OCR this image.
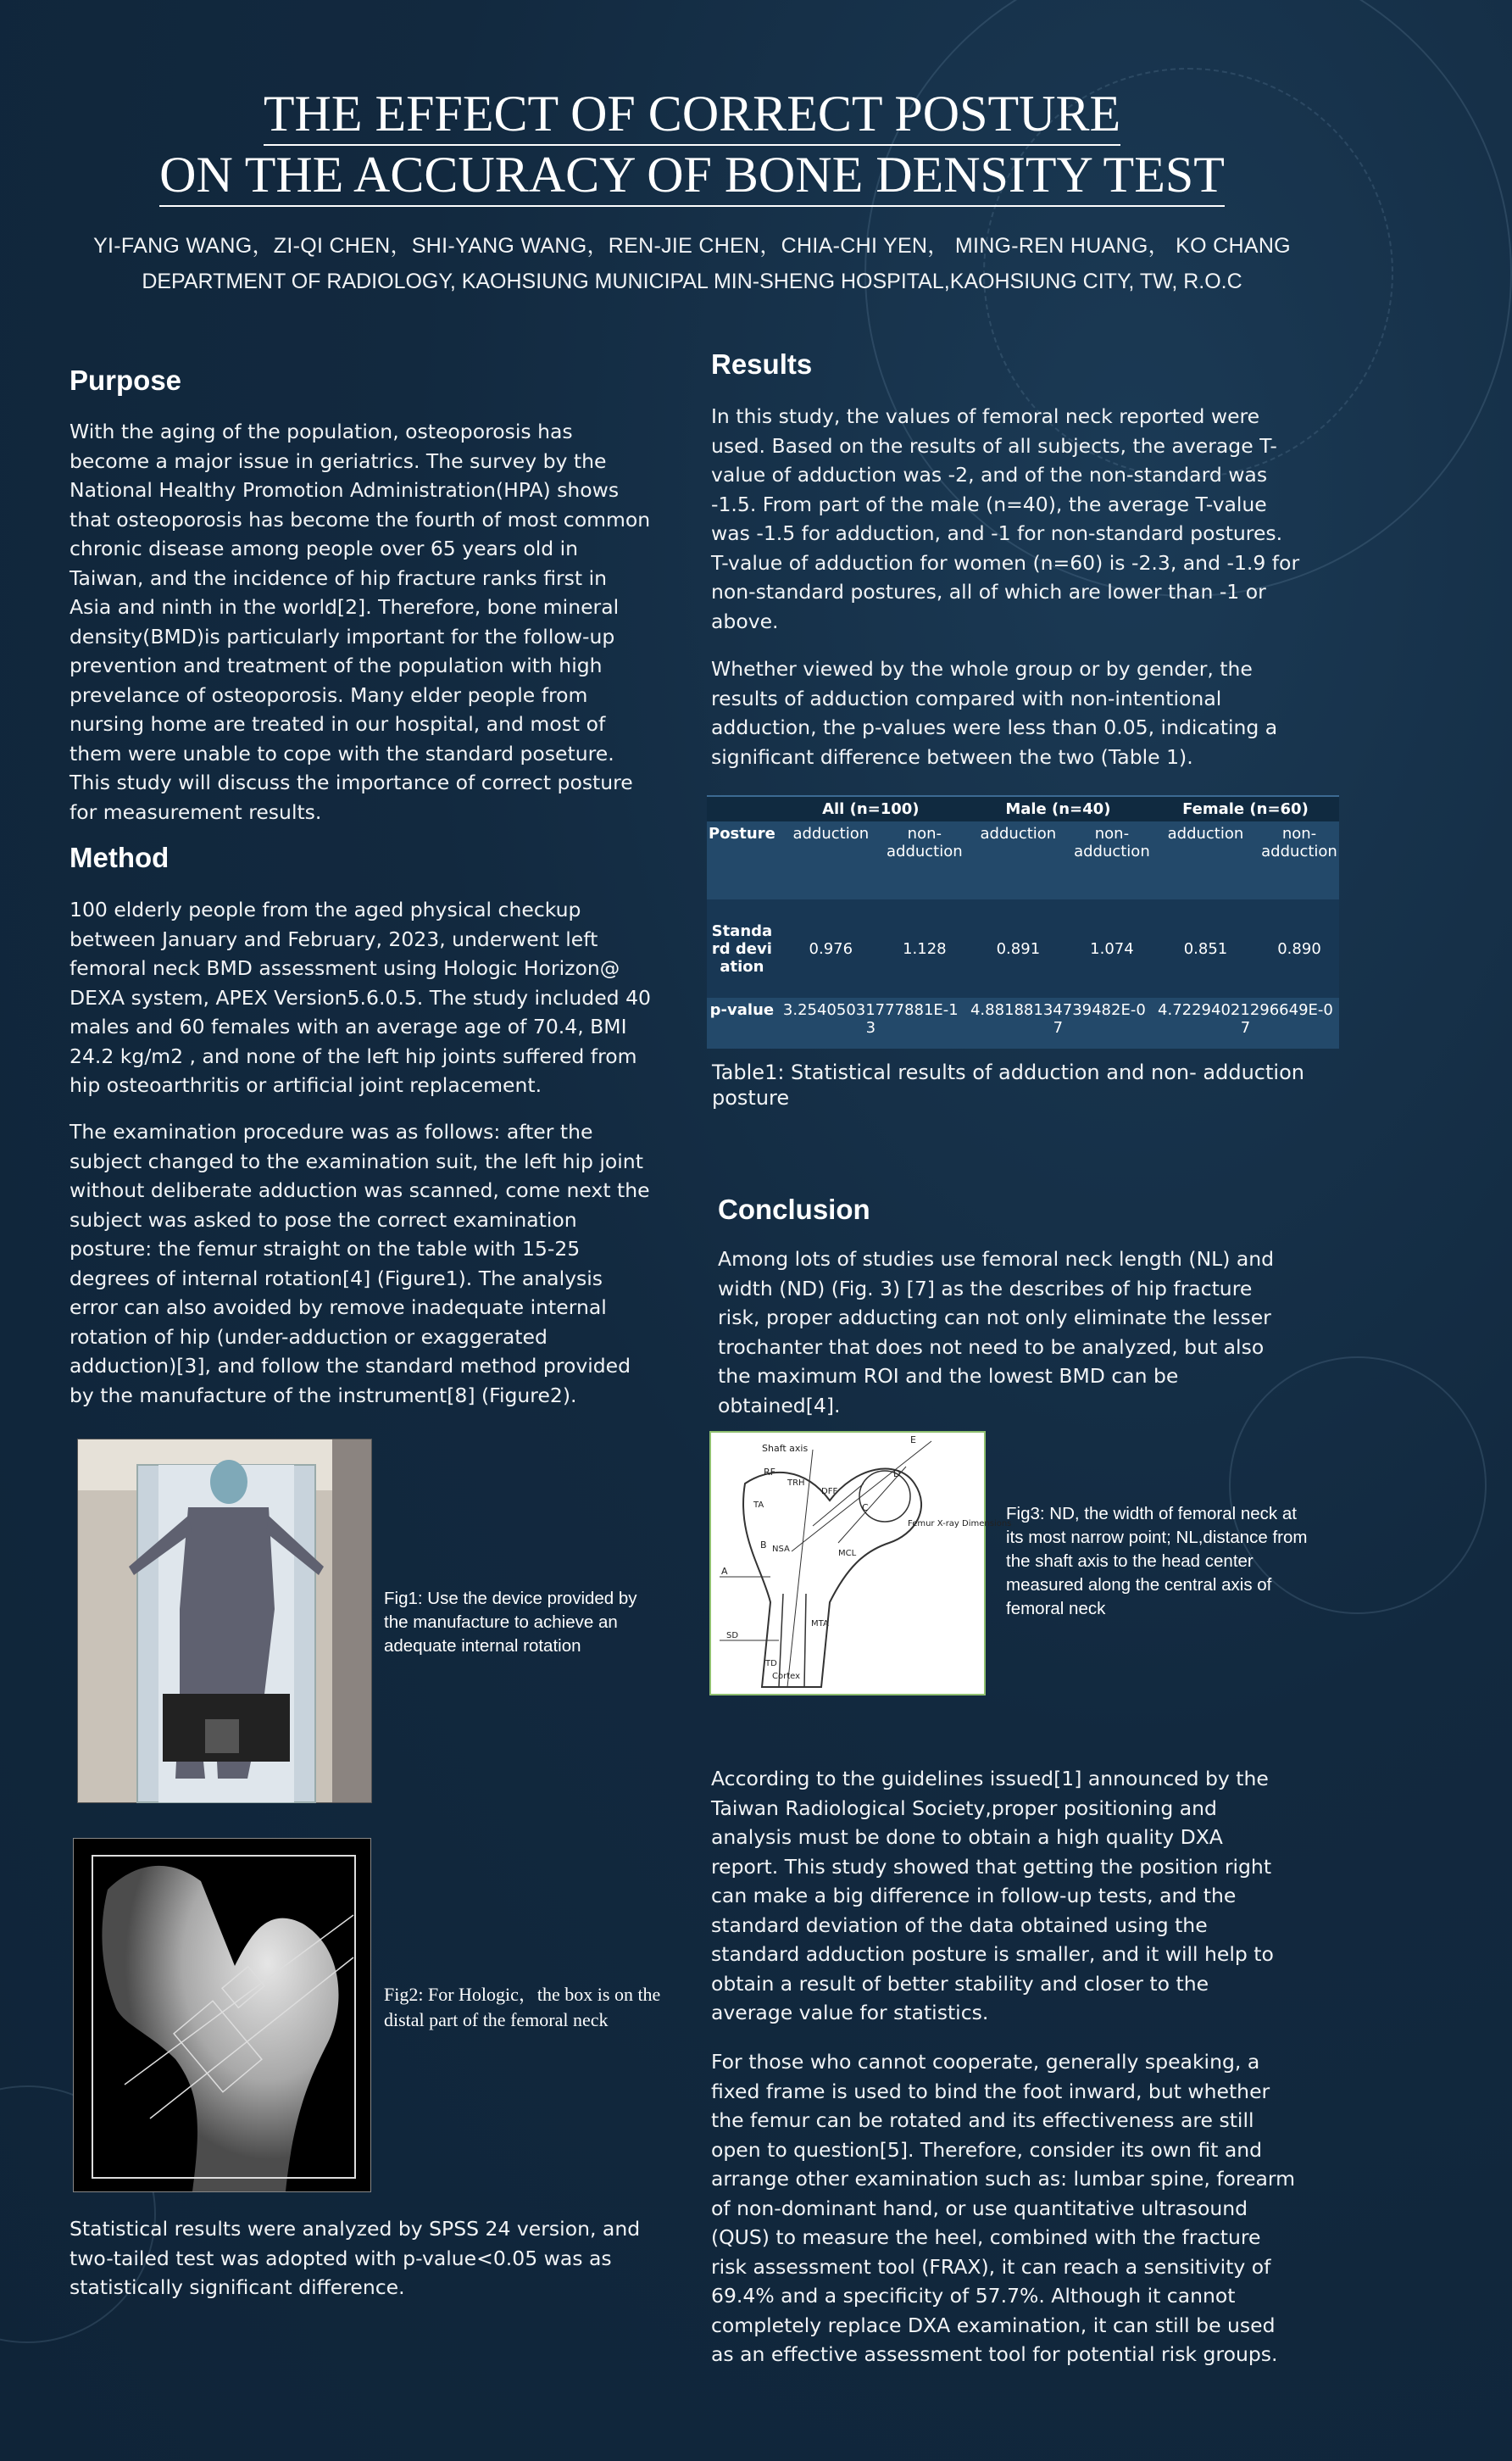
THE EFFECT OF CORRECT POSTURE
ON THE ACCURACY OF BONE DENSITY TEST
YI-FANG WANG，ZI-QI CHEN，SHI-YANG WANG，REN-JIE CHEN，CHIA-CHI YEN， MING-REN HUANG， KO CHANG
DEPARTMENT OF RADIOLOGY, KAOHSIUNG MUNICIPAL MIN-SHENG HOSPITAL,KAOHSIUNG CITY, TW, R.O.C
Purpose

With the aging of the population, osteoporosis has become a major issue in geriatrics. The survey by the National Healthy Promotion Administration(HPA) shows that osteoporosis has become the fourth of most common chronic disease among people over 65 years old in Taiwan, and the incidence of hip fracture ranks first in Asia and ninth in the world[2]. Therefore, bone mineral density(BMD)is particularly important for the follow-up prevention and treatment of the population with high prevelance of osteoporosis. Many elder people from nursing home are treated in our hospital, and most of them were unable to cope with the standard poseture. This study will discuss the importance of correct posture for measurement results.

Method

100 elderly people from the aged physical checkup between January and February, 2023, underwent left femoral neck BMD assessment using Hologic Horizon@ DEXA system, APEX Version5.6.0.5. The study included 40 males and 60 females with an average age of 70.4, BMI 24.2 kg/m2 , and none of the left hip joints suffered from hip osteoarthritis or artificial joint replacement.

The examination procedure was as follows: after the subject changed to the examination suit, the left hip joint without deliberate adduction was scanned, come next the subject was asked to pose the correct examination posture: the femur straight on the table with 15-25 degrees of internal rotation[4] (Figure1). The analysis error can also avoided by remove inadequate internal rotation of hip (under-adduction or exaggerated adduction)[3], and follow the standard method provided by the manufacture of the instrument[8] (Figure2).

Fig1: Use the device provided by the manufacture to achieve an adequate internal rotation
Fig2: For Hologic，the box is on the distal part of the femoral neck

Statistical results were analyzed by SPSS 24 version, and two-tailed test was adopted with p-value<0.05 was as statistically significant difference.

Results

In this study, the values of femoral neck reported were used. Based on the results of all subjects, the average T-value of adduction was -2, and of the non-standard was -1.5. From part of the male (n=40), the average T-value was -1.5 for adduction, and -1 for non-standard postures. T-value of adduction for women (n=60) is -2.3, and -1.9 for non-standard postures, all of which are lower than -1 or above.

Whether viewed by the whole group or by gender, the results of adduction compared with non-intentional adduction, the p-values were less than 0.05, indicating a significant difference between the two (Table 1).

	All (n=100)		Male (n=40)		Female (n=60)	
Posture	adduction	non-adduction	adduction	non-adduction	adduction	non-adduction
Standard deviation	0.976	1.128	0.891	1.074	0.851	0.890
p-value	3.25405031777881E-13		4.88188134739482E-07		4.72294021296649E-07	
Table1: Statistical results of adduction and non- adduction posture
Conclusion

Among lots of studies use femoral neck length (NL) and width (ND) (Fig. 3) [7] as the describes of hip fracture risk, proper adducting can not only eliminate the lesser trochanter that does not need to be analyzed, but also the maximum ROI and the lowest BMD can be obtained[4].

Shaft axis
RF
TRH
DFF
TA
Femur X-ray Dimensions
MCL
MTA
Cortex
SD
E
D
A
B
C
NSA
TD
Fig3: ND, the width of femoral neck at its most narrow point; NL,distance from the shaft axis to the head center measured along the central axis of femoral neck

According to the guidelines issued[1] announced by the Taiwan Radiological Society,proper positioning and analysis must be done to obtain a high quality DXA report. This study showed that getting the position right can make a big difference in follow-up tests, and the standard deviation of the data obtained using the standard adduction posture is smaller, and it will help to obtain a result of better stability and closer to the average value for statistics.

For those who cannot cooperate, generally speaking, a fixed frame is used to bind the foot inward, but whether the femur can be rotated and its effectiveness are still open to question[5]. Therefore, consider its own fit and arrange other examination such as: lumbar spine, forearm of non-dominant hand, or use quantitative ultrasound (QUS) to measure the heel, combined with the fracture risk assessment tool (FRAX), it can reach a sensitivity of 69.4% and a specificity of 57.7%. Although it cannot completely replace DXA examination, it can still be used as an effective assessment tool for potential risk groups.
